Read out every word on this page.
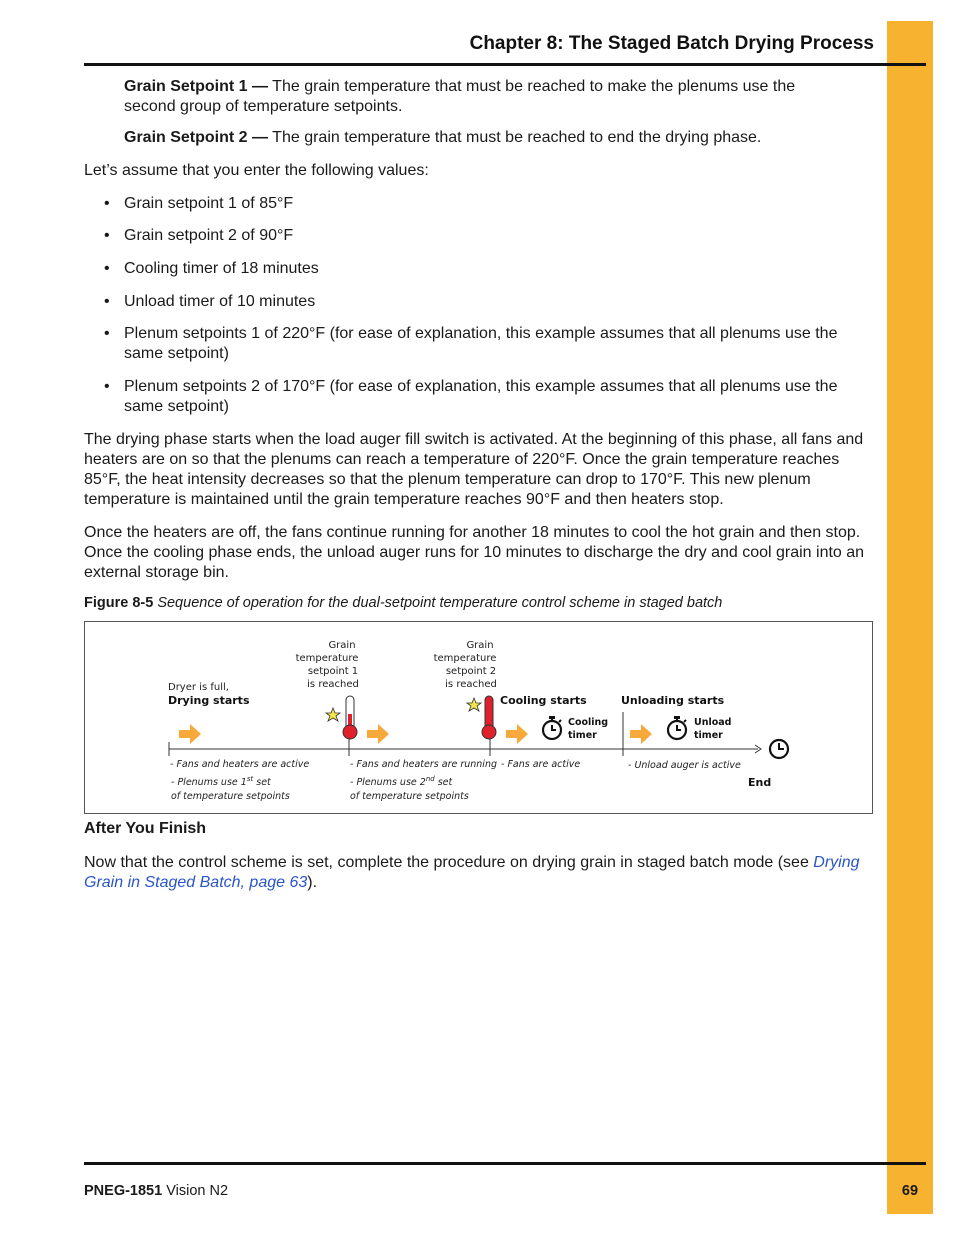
Chapter 8: The Staged Batch Drying Process
Grain Setpoint 1 — The grain temperature that must be reached to make the plenums use the second group of temperature setpoints.
Grain Setpoint 2 — The grain temperature that must be reached to end the drying phase.
Let’s assume that you enter the following values:
• Grain setpoint 1 of 85°F
• Grain setpoint 2 of 90°F
• Cooling timer of 18 minutes
• Unload timer of 10 minutes
• Plenum setpoints 1 of 220°F (for ease of explanation, this example assumes that all plenums use the same setpoint)
• Plenum setpoints 2 of 170°F (for ease of explanation, this example assumes that all plenums use the same setpoint)
The drying phase starts when the load auger fill switch is activated. At the beginning of this phase, all fans and heaters are on so that the plenums can reach a temperature of 220°F. Once the grain temperature reaches 85°F, the heat intensity decreases so that the plenum temperature can drop to 170°F. This new plenum temperature is maintained until the grain temperature reaches 90°F and then heaters stop.
Once the heaters are off, the fans continue running for another 18 minutes to cool the hot grain and then stop. Once the cooling phase ends, the unload auger runs for 10 minutes to discharge the dry and cool grain into an external storage bin.
Figure 8-5 Sequence of operation for the dual-setpoint temperature control scheme in staged batch
Dryer is full,
Drying starts
Grain
temperature
setpoint 1
is reached
Grain
temperature
setpoint 2
is reached
Cooling starts	Unloading starts
Cooling
timer
Unload
timer
End
- Fans and heaters are active
- Plenums use 1st set
of temperature setpoints
- Fans and heaters are running
- Plenums use 2nd set
of temperature setpoints
- Fans are active	- Unload auger is active
After You Finish
Now that the control scheme is set, complete the procedure on drying grain in staged batch mode (see Drying Grain in Staged Batch, page 63).
PNEG-1851 Vision N2	69
